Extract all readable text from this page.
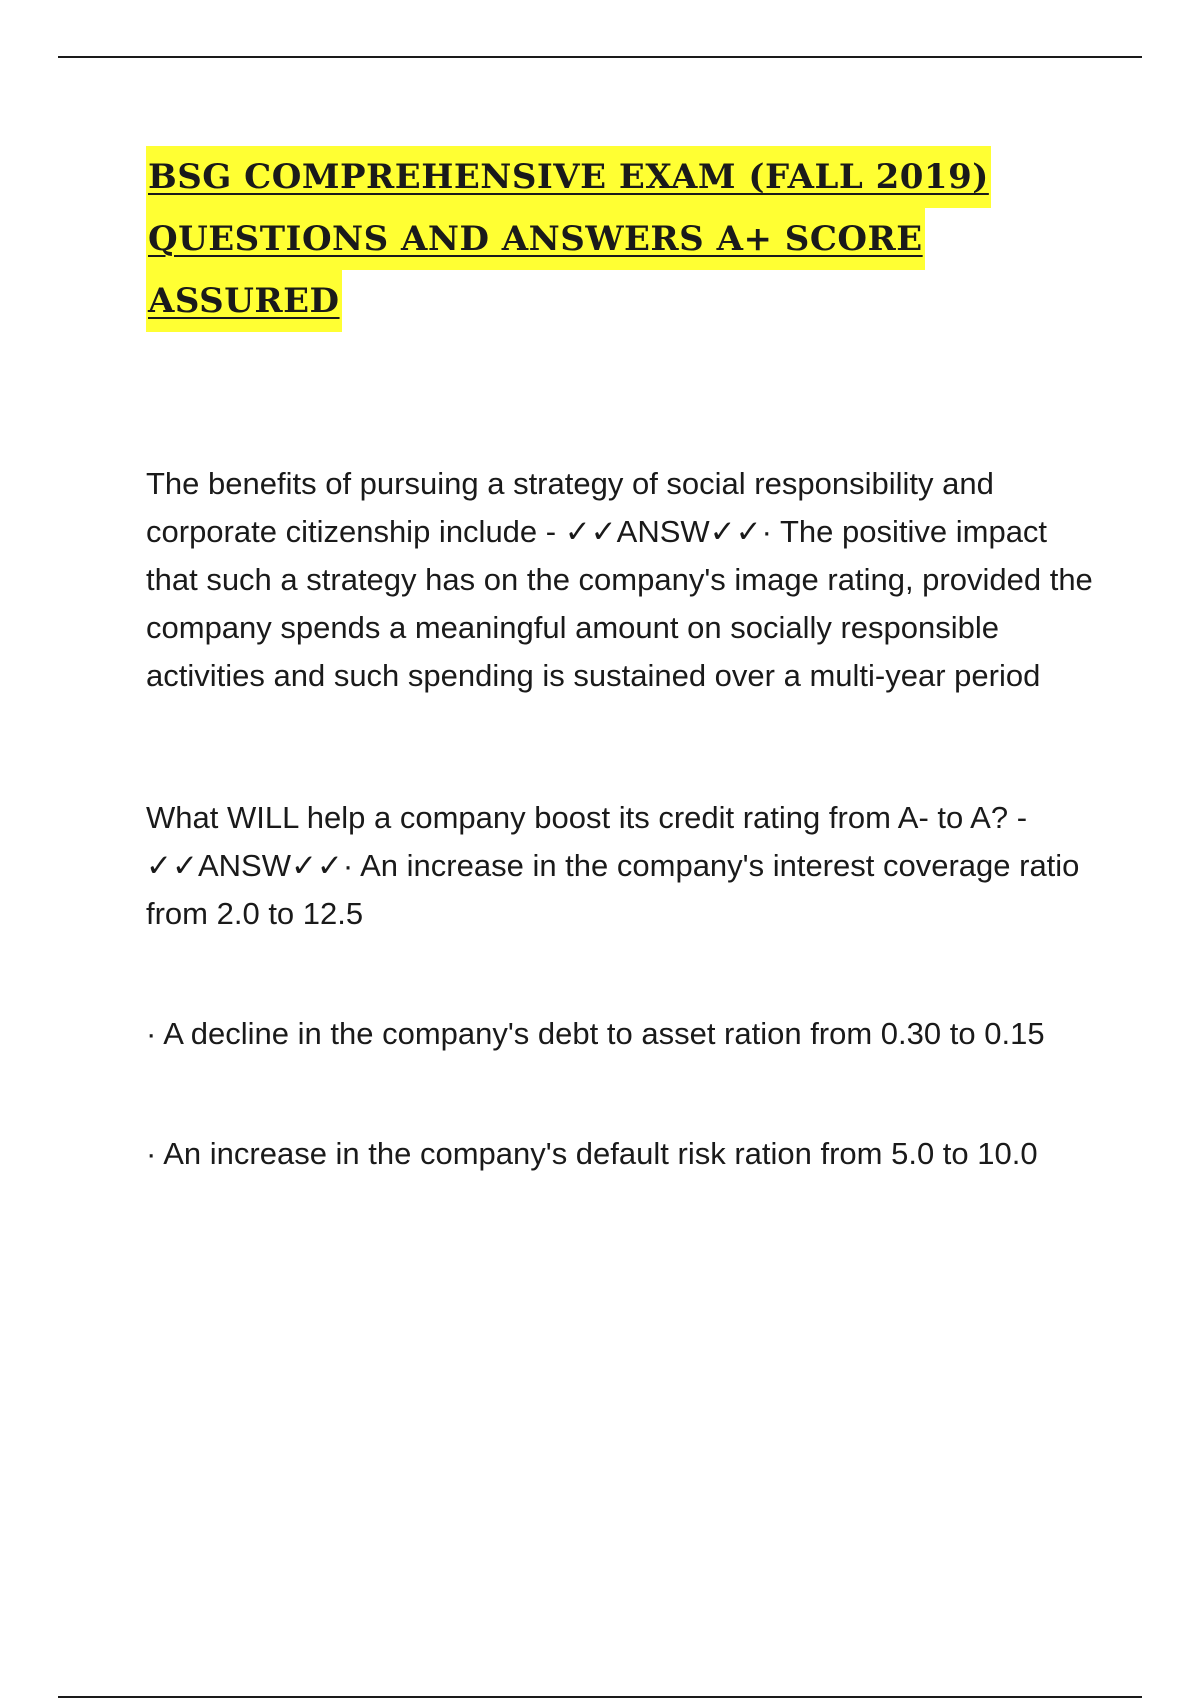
BSG COMPREHENSIVE EXAM (FALL 2019)
QUESTIONS AND ANSWERS A+ SCORE
ASSURED

The benefits of pursuing a strategy of social responsibility and corporate citizenship include - ✓✓ANSW✓✓· The positive impact that such a strategy has on the company's image rating, provided the company spends a meaningful amount on socially responsible activities and such spending is sustained over a multi-year period

What WILL help a company boost its credit rating from A- to A? - ✓✓ANSW✓✓· An increase in the company's interest coverage ratio from 2.0 to 12.5

· A decline in the company's debt to asset ration from 0.30 to 0.15

· An increase in the company's default risk ration from 5.0 to 10.0
